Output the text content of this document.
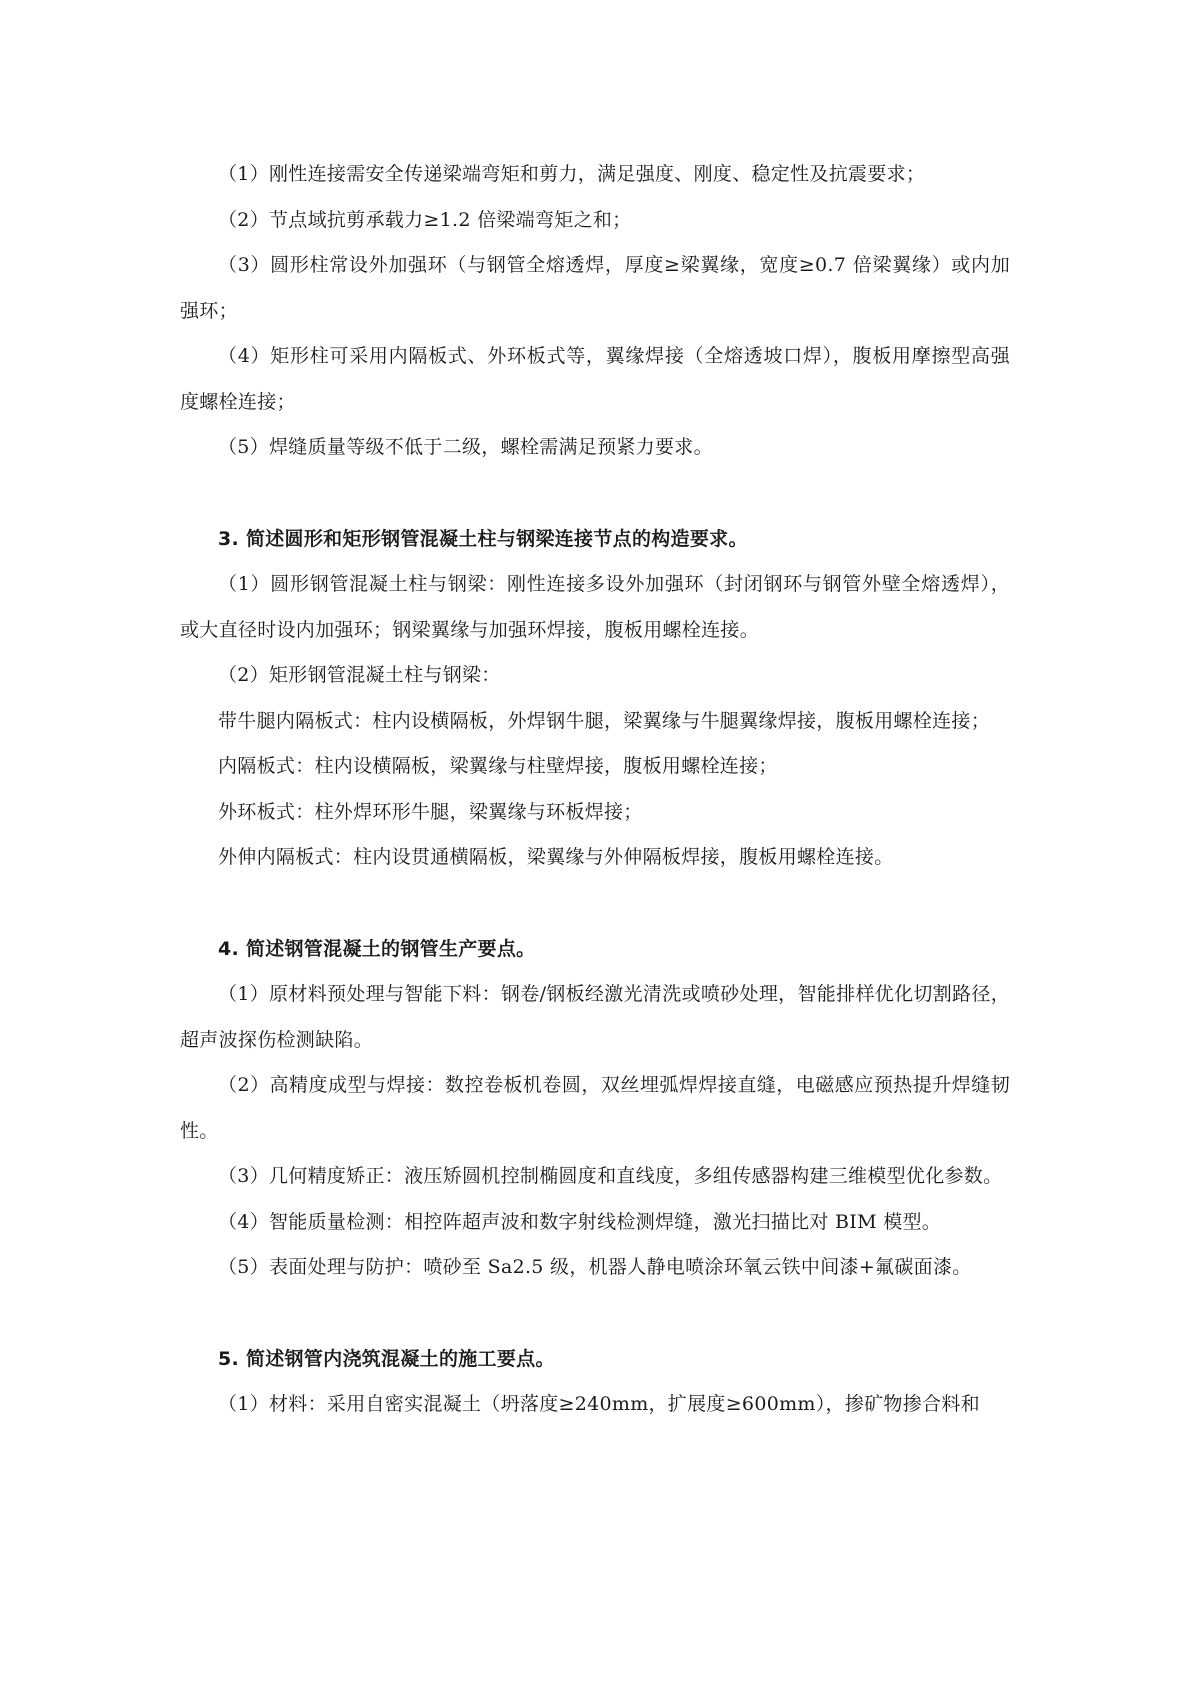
（1）刚性连接需安全传递梁端弯矩和剪力，满足强度、刚度、稳定性及抗震要求；

（2）节点域抗剪承载力≥1.2 倍梁端弯矩之和；

（3）圆形柱常设外加强环（与钢管全熔透焊，厚度≥梁翼缘，宽度≥0.7 倍梁翼缘）或内加强环；

（4）矩形柱可采用内隔板式、外环板式等，翼缘焊接（全熔透坡口焊），腹板用摩擦型高强度螺栓连接；

（5）焊缝质量等级不低于二级，螺栓需满足预紧力要求。

3. 简述圆形和矩形钢管混凝土柱与钢梁连接节点的构造要求。

（1）圆形钢管混凝土柱与钢梁：刚性连接多设外加强环（封闭钢环与钢管外壁全熔透焊），或大直径时设内加强环；钢梁翼缘与加强环焊接，腹板用螺栓连接。

（2）矩形钢管混凝土柱与钢梁：

带牛腿内隔板式：柱内设横隔板，外焊钢牛腿，梁翼缘与牛腿翼缘焊接，腹板用螺栓连接；

内隔板式：柱内设横隔板，梁翼缘与柱壁焊接，腹板用螺栓连接；

外环板式：柱外焊环形牛腿，梁翼缘与环板焊接；

外伸内隔板式：柱内设贯通横隔板，梁翼缘与外伸隔板焊接，腹板用螺栓连接。

4. 简述钢管混凝土的钢管生产要点。

（1）原材料预处理与智能下料：钢卷/钢板经激光清洗或喷砂处理，智能排样优化切割路径，超声波探伤检测缺陷。

（2）高精度成型与焊接：数控卷板机卷圆，双丝埋弧焊焊接直缝，电磁感应预热提升焊缝韧性。

（3）几何精度矫正：液压矫圆机控制椭圆度和直线度，多组传感器构建三维模型优化参数。

（4）智能质量检测：相控阵超声波和数字射线检测焊缝，激光扫描比对 BIM 模型。

（5）表面处理与防护：喷砂至 Sa2.5 级，机器人静电喷涂环氧云铁中间漆+氟碳面漆。

5. 简述钢管内浇筑混凝土的施工要点。

（1）材料：采用自密实混凝土（坍落度≥240mm，扩展度≥600mm），掺矿物掺合料和
